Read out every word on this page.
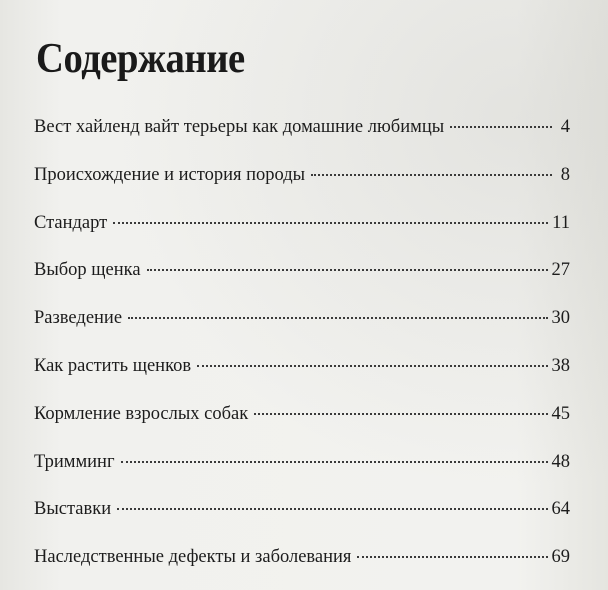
Содержание
Вест хайленд вайт терьеры как домашние любимцы	4
Происхождение и история породы	8
Стандарт	11
Выбор щенка	27
Разведение	30
Как растить щенков	38
Кормление взрослых собак	45
Тримминг	48
Выставки	64
Наследственные дефекты и заболевания	69
